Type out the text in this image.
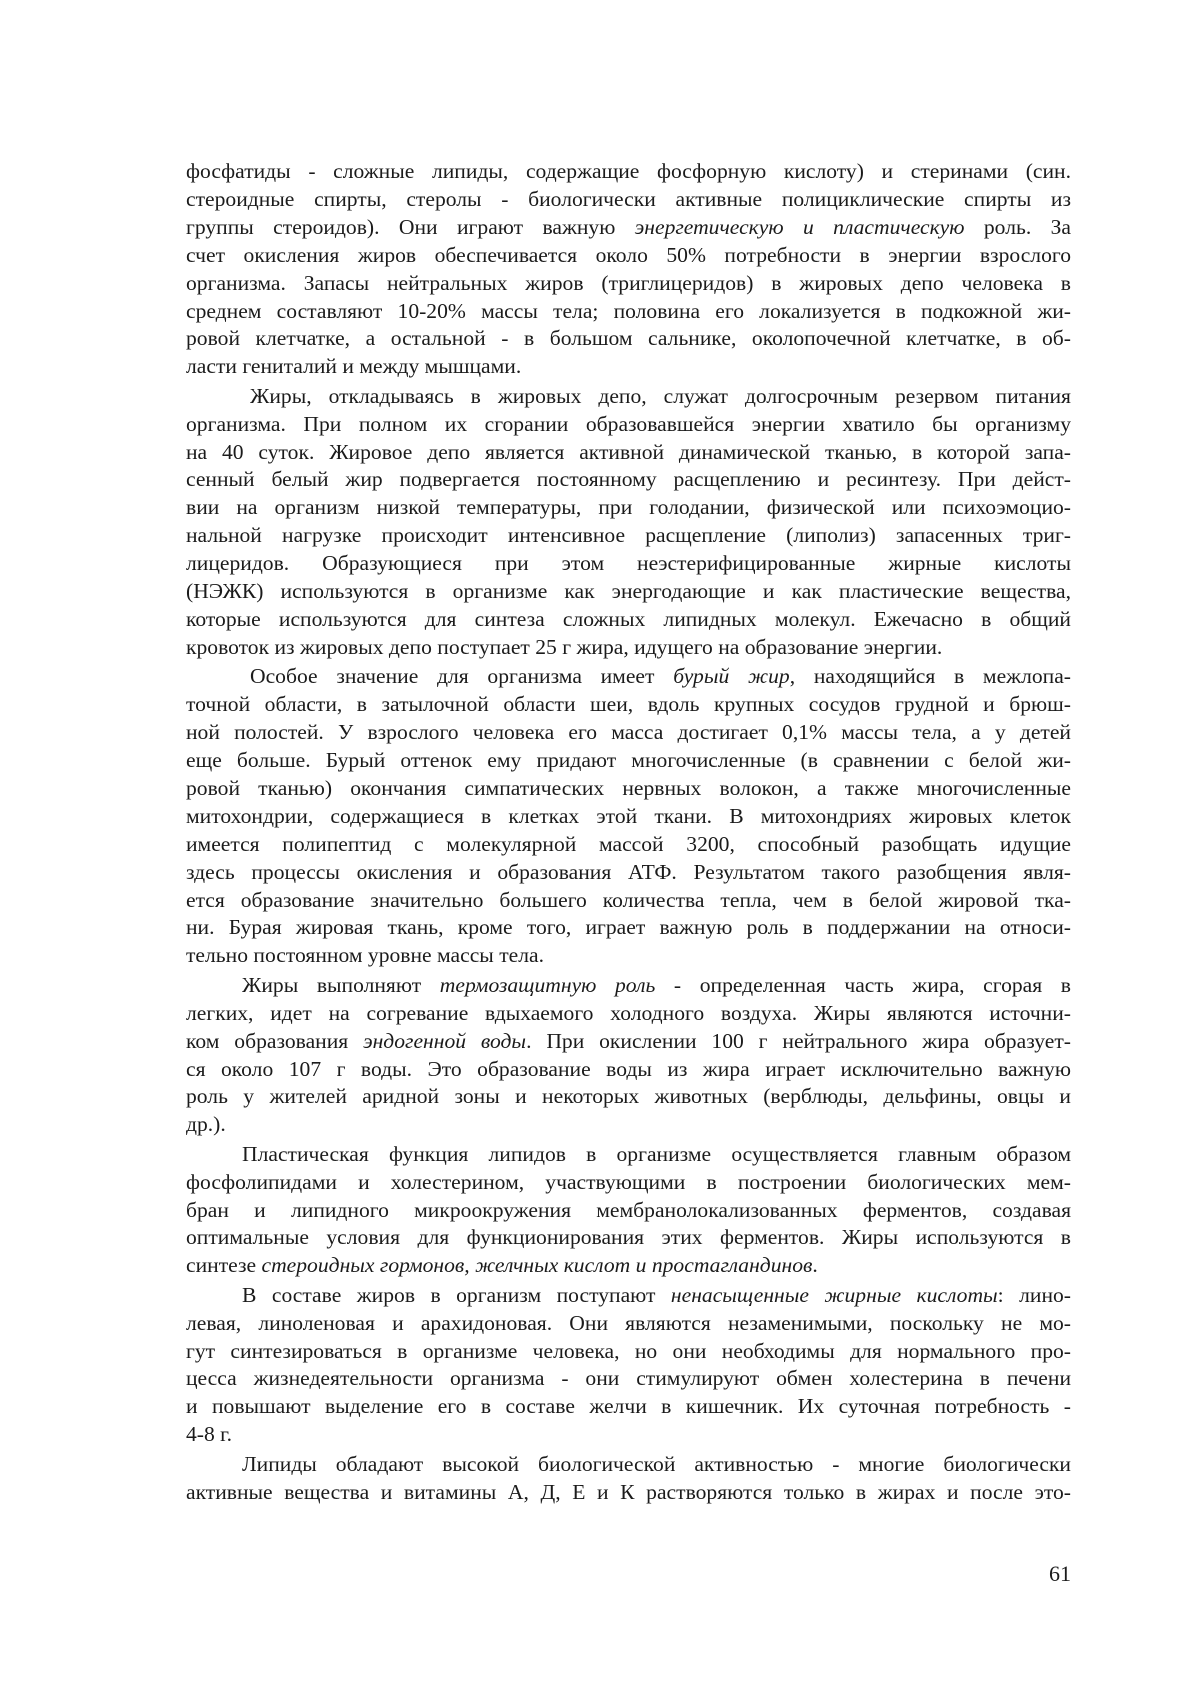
фосфатиды - сложные липиды, содержащие фосфорную кислоту) и стеринами (син.
стероидные спирты, стеролы - биологически активные полициклические спирты из
группы стероидов). Они играют важную энергетическую и пластическую роль. За
счет окисления жиров обеспечивается около 50% потребности в энергии взрослого
организма. Запасы нейтральных жиров (триглицеридов) в жировых депо человека в
среднем составляют 10-20% массы тела; половина его локализуется в подкожной жи-
ровой клетчатке, а остальной - в большом сальнике, околопочечной клетчатке, в об-
ласти гениталий и между мышцами.
Жиры, откладываясь в жировых депо, служат долгосрочным резервом питания
организма. При полном их сгорании образовавшейся энергии хватило бы организму
на 40 суток. Жировое депо является активной динамической тканью, в которой запа-
сенный белый жир подвергается постоянному расщеплению и ресинтезу. При дейст-
вии на организм низкой температуры, при голодании, физической или психоэмоцио-
нальной нагрузке происходит интенсивное расщепление (липолиз) запасенных триг-
лицеридов. Образующиеся при этом неэстерифицированные жирные кислоты
(НЭЖК) используются в организме как энергодающие и как пластические вещества,
которые используются для синтеза сложных липидных молекул. Ежечасно в общий
кровоток из жировых депо поступает 25 г жира, идущего на образование энергии.
Особое значение для организма имеет бурый жир, находящийся в межлопа-
точной области, в затылочной области шеи, вдоль крупных сосудов грудной и брюш-
ной полостей. У взрослого человека его масса достигает 0,1% массы тела, а у детей
еще больше. Бурый оттенок ему придают многочисленные (в сравнении с белой жи-
ровой тканью) окончания симпатических нервных волокон, а также многочисленные
митохондрии, содержащиеся в клетках этой ткани. В митохондриях жировых клеток
имеется полипептид с молекулярной массой 3200, способный разобщать идущие
здесь процессы окисления и образования АТФ. Результатом такого разобщения явля-
ется образование значительно большего количества тепла, чем в белой жировой тка-
ни. Бурая жировая ткань, кроме того, играет важную роль в поддержании на относи-
тельно постоянном уровне массы тела.
Жиры выполняют термозащитную роль - определенная часть жира, сгорая в
легких, идет на согревание вдыхаемого холодного воздуха. Жиры являются источни-
ком образования эндогенной воды. При окислении 100 г нейтрального жира образует-
ся около 107 г воды. Это образование воды из жира играет исключительно важную
роль у жителей аридной зоны и некоторых животных (верблюды, дельфины, овцы и
др.).
Пластическая функция липидов в организме осуществляется главным образом
фосфолипидами и холестерином, участвующими в построении биологических мем-
бран и липидного микроокружения мембранолокализованных ферментов, создавая
оптимальные условия для функционирования этих ферментов. Жиры используются в
синтезе стероидных гормонов, желчных кислот и простагландинов.
В составе жиров в организм поступают ненасыщенные жирные кислоты: лино-
левая, линоленовая и арахидоновая. Они являются незаменимыми, поскольку не мо-
гут синтезироваться в организме человека, но они необходимы для нормального про-
цесса жизнедеятельности организма - они стимулируют обмен холестерина в печени
и повышают выделение его в составе желчи в кишечник. Их суточная потребность -
4-8 г.
Липиды обладают высокой биологической активностью - многие биологически
активные вещества и витамины А, Д, Е и К растворяются только в жирах и после это-
61
